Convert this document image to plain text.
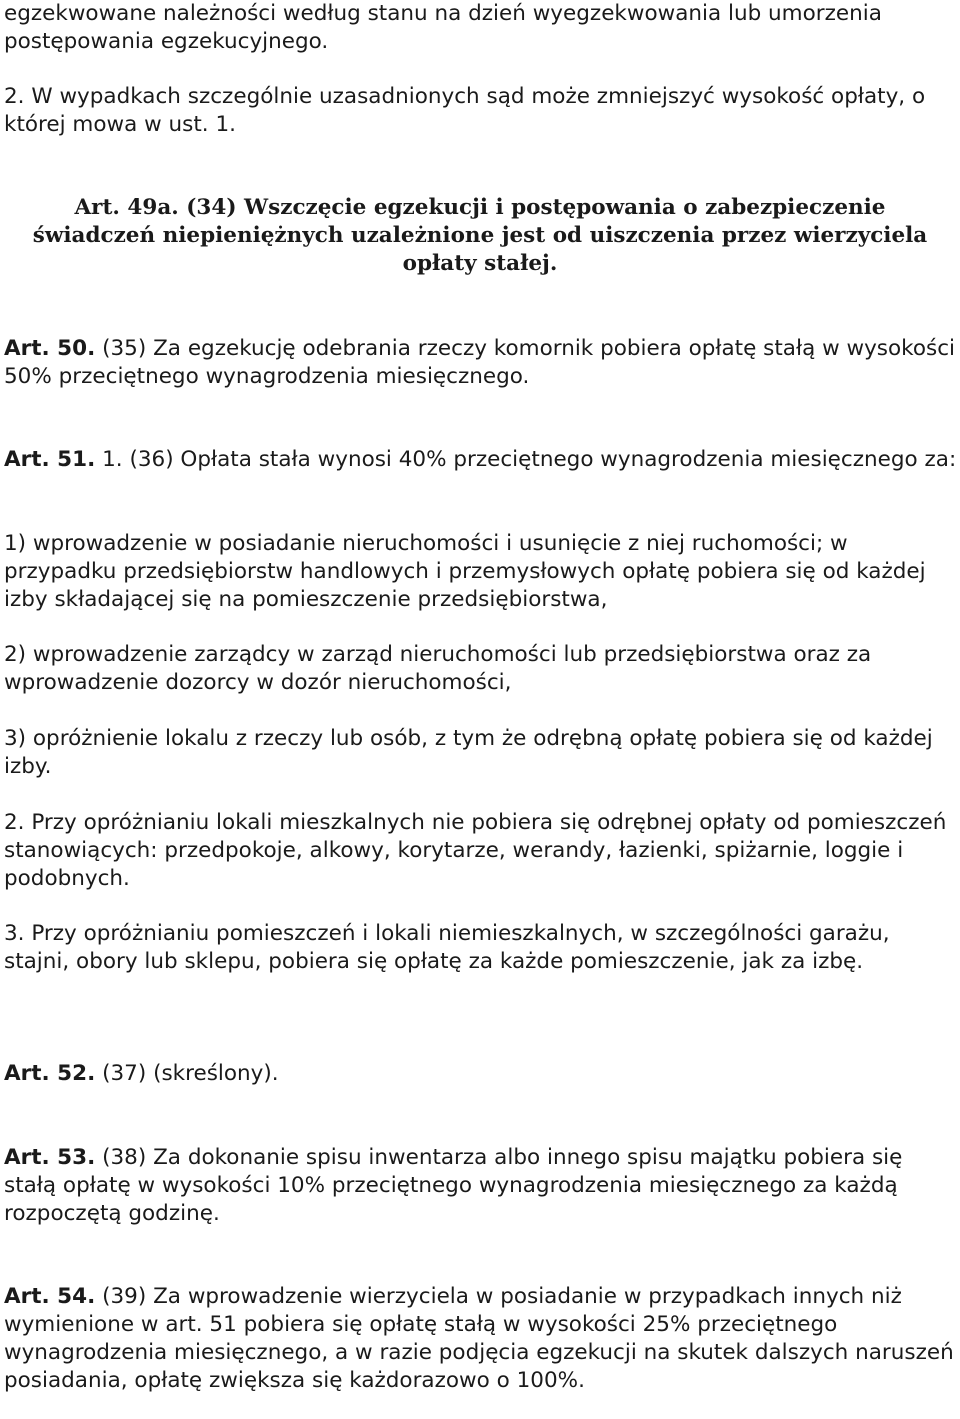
egzekwowane należności według stanu na dzień wyegzekwowania lub umorzenia postępowania egzekucyjnego.

2. W wypadkach szczególnie uzasadnionych sąd może zmniejszyć wysokość opłaty, o której mowa w ust. 1.

Art. 49a. (34) Wszczęcie egzekucji i postępowania o zabezpieczenie świadczeń niepieniężnych uzależnione jest od uiszczenia przez wierzyciela opłaty stałej.

Art. 50. (35) Za egzekucję odebrania rzeczy komornik pobiera opłatę stałą w wysokości 50% przeciętnego wynagrodzenia miesięcznego.

Art. 51. 1. (36) Opłata stała wynosi 40% przeciętnego wynagrodzenia miesięcznego za:

1) wprowadzenie w posiadanie nieruchomości i usunięcie z niej ruchomości; w przypadku przedsiębiorstw handlowych i przemysłowych opłatę pobiera się od każdej izby składającej się na pomieszczenie przedsiębiorstwa,

2) wprowadzenie zarządcy w zarząd nieruchomości lub przedsiębiorstwa oraz za wprowadzenie dozorcy w dozór nieruchomości,

3) opróżnienie lokalu z rzeczy lub osób, z tym że odrębną opłatę pobiera się od każdej izby.

2. Przy opróżnianiu lokali mieszkalnych nie pobiera się odrębnej opłaty od pomieszczeń stanowiących: przedpokoje, alkowy, korytarze, werandy, łazienki, spiżarnie, loggie i podobnych.

3. Przy opróżnianiu pomieszczeń i lokali niemieszkalnych, w szczególności garażu, stajni, obory lub sklepu, pobiera się opłatę za każde pomieszczenie, jak za izbę.

Art. 52. (37) (skreślony).

Art. 53. (38) Za dokonanie spisu inwentarza albo innego spisu majątku pobiera się stałą opłatę w wysokości 10% przeciętnego wynagrodzenia miesięcznego za każdą rozpoczętą godzinę.

Art. 54. (39) Za wprowadzenie wierzyciela w posiadanie w przypadkach innych niż wymienione w art. 51 pobiera się opłatę stałą w wysokości 25% przeciętnego wynagrodzenia miesięcznego, a w razie podjęcia egzekucji na skutek dalszych naruszeń posiadania, opłatę zwiększa się każdorazowo o 100%.
